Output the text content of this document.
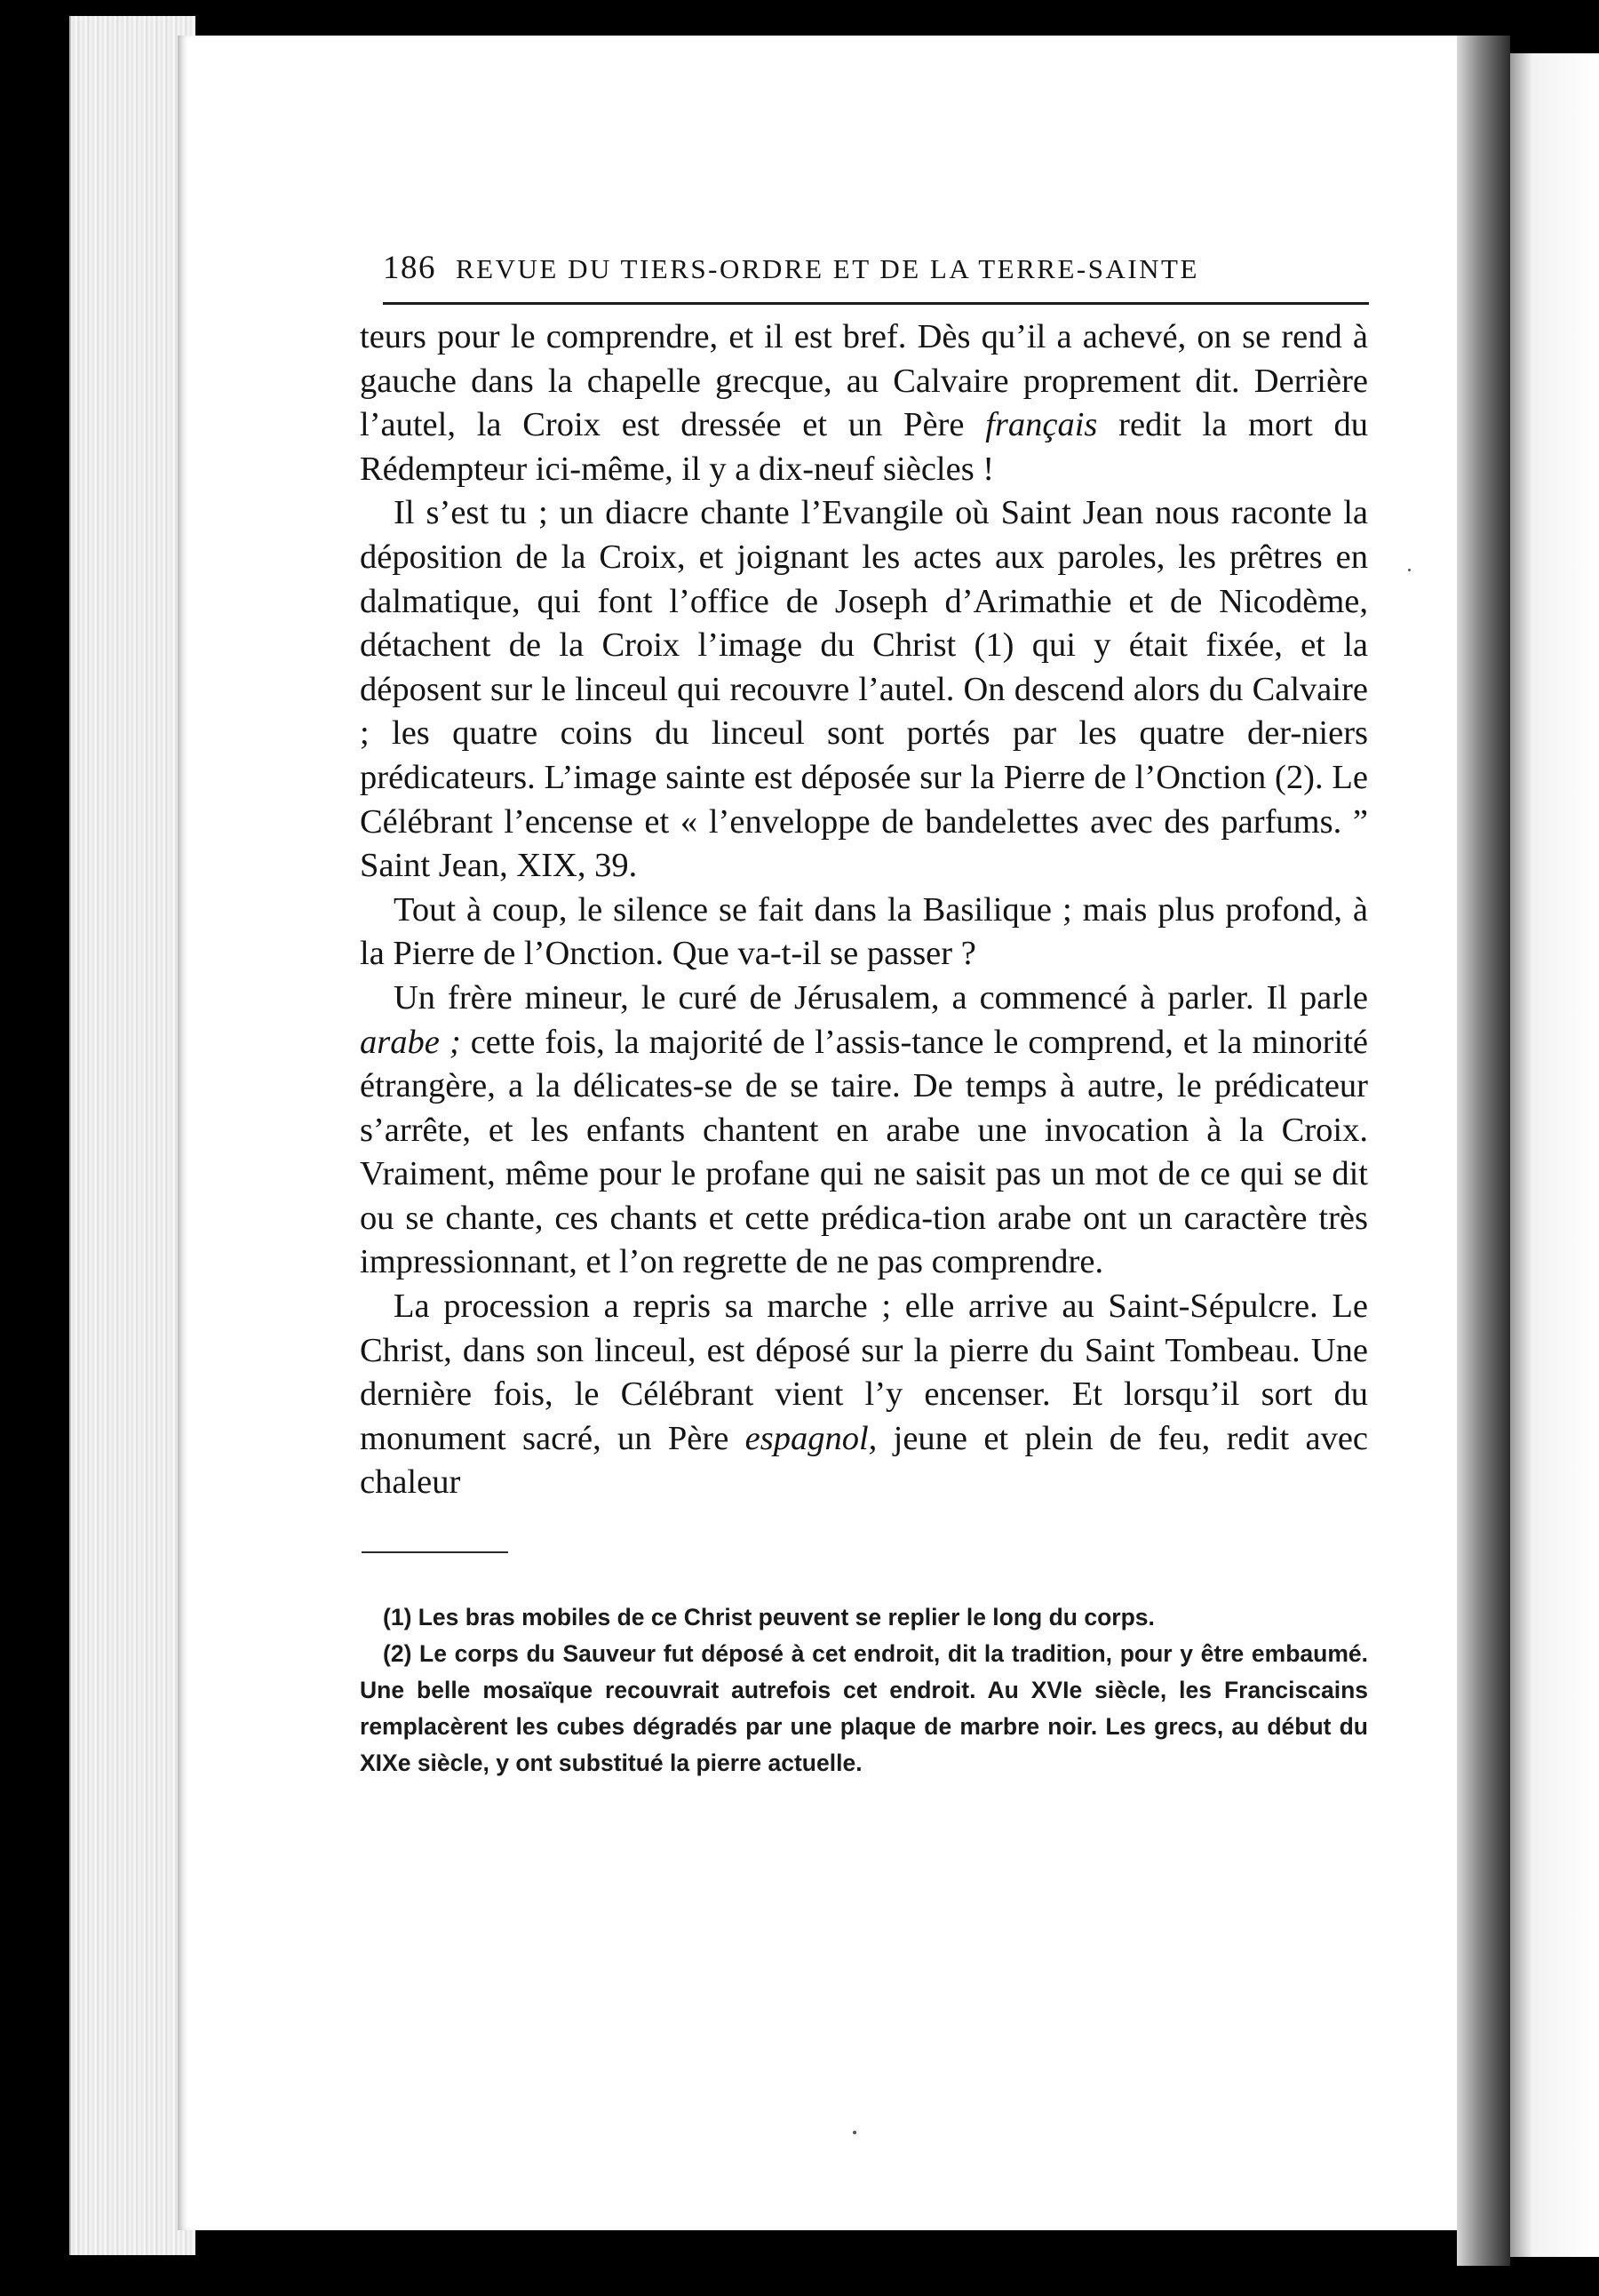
186 REVUE DU TIERS-ORDRE ET DE LA TERRE-SAINTE

teurs pour le comprendre, et il est bref. Dès qu’il a achevé, on se rend à gauche dans la chapelle grecque, au Calvaire proprement dit. Derrière l’autel, la Croix est dressée et un Père français redit la mort du Rédempteur ici-même, il y a dix-neuf siècles !

Il s’est tu ; un diacre chante l’Evangile où Saint Jean nous raconte la déposition de la Croix, et joignant les actes aux paroles, les prêtres en dalmatique, qui font l’office de Joseph d’Arimathie et de Nicodème, détachent de la Croix l’image du Christ (1) qui y était fixée, et la déposent sur le linceul qui recouvre l’autel. On descend alors du Calvaire ; les quatre coins du linceul sont portés par les quatre der-niers prédicateurs. L’image sainte est déposée sur la Pierre de l’Onction (2). Le Célébrant l’encense et « l’enveloppe de bandelettes avec des parfums. ” Saint Jean, XIX, 39.

Tout à coup, le silence se fait dans la Basilique ; mais plus profond, à la Pierre de l’Onction. Que va-t-il se passer ?

Un frère mineur, le curé de Jérusalem, a commencé à parler. Il parle arabe ; cette fois, la majorité de l’assis-tance le comprend, et la minorité étrangère, a la délicates-se de se taire. De temps à autre, le prédicateur s’arrête, et les enfants chantent en arabe une invocation à la Croix. Vraiment, même pour le profane qui ne saisit pas un mot de ce qui se dit ou se chante, ces chants et cette prédica-tion arabe ont un caractère très impressionnant, et l’on regrette de ne pas comprendre.

La procession a repris sa marche ; elle arrive au Saint-Sépulcre. Le Christ, dans son linceul, est déposé sur la pierre du Saint Tombeau. Une dernière fois, le Célébrant vient l’y encenser. Et lorsqu’il sort du monument sacré, un Père espagnol, jeune et plein de feu, redit avec chaleur

(1) Les bras mobiles de ce Christ peuvent se replier le long du corps.

(2) Le corps du Sauveur fut déposé à cet endroit, dit la tradition, pour y être embaumé. Une belle mosaïque recouvrait autrefois cet endroit. Au XVIe siècle, les Franciscains remplacèrent les cubes dégradés par une plaque de marbre noir. Les grecs, au début du XIXe siècle, y ont substitué la pierre actuelle.
